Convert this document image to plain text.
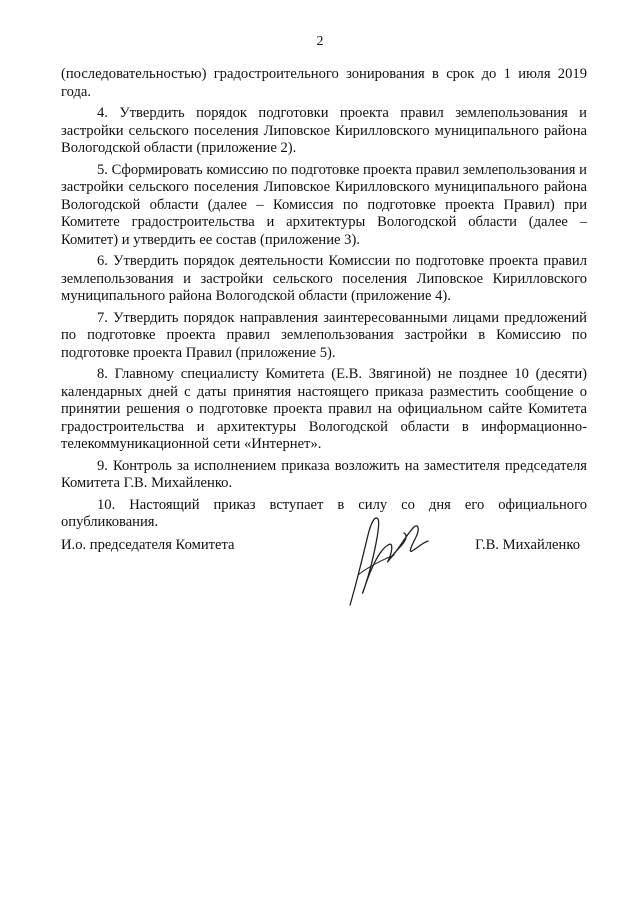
2

(последовательностью) градостроительного зонирования в срок до 1 июля 2019 года.

4. Утвердить порядок подготовки проекта правил землепользования и застройки сельского поселения Липовское Кирилловского муниципального района Вологодской области (приложение 2).

5. Сформировать комиссию по подготовке проекта правил землепользования и застройки сельского поселения Липовское Кирилловского муниципального района Вологодской области (далее – Комиссия по подготовке проекта Правил) при Комитете градостроительства и архитектуры Вологодской области (далее – Комитет) и утвердить ее состав (приложение 3).

6. Утвердить порядок деятельности Комиссии по подготовке проекта правил землепользования и застройки сельского поселения Липовское Кирилловского муниципального района Вологодской области (приложение 4).

7. Утвердить порядок направления заинтересованными лицами предложений по подготовке проекта правил землепользования застройки в Комиссию по подготовке проекта Правил (приложение 5).

8. Главному специалисту Комитета (Е.В. Звягиной) не позднее 10 (десяти) календарных дней с даты принятия настоящего приказа разместить сообщение о принятии решения о подготовке проекта правил на официальном сайте Комитета градостроительства и архитектуры Вологодской области в информационно-телекоммуникационной сети «Интернет».

9. Контроль за исполнением приказа возложить на заместителя председателя Комитета Г.В. Михайленко.

10. Настоящий приказ вступает в силу со дня его официального опубликования.

И.о. председателя Комитета	Г.В. Михайленко
